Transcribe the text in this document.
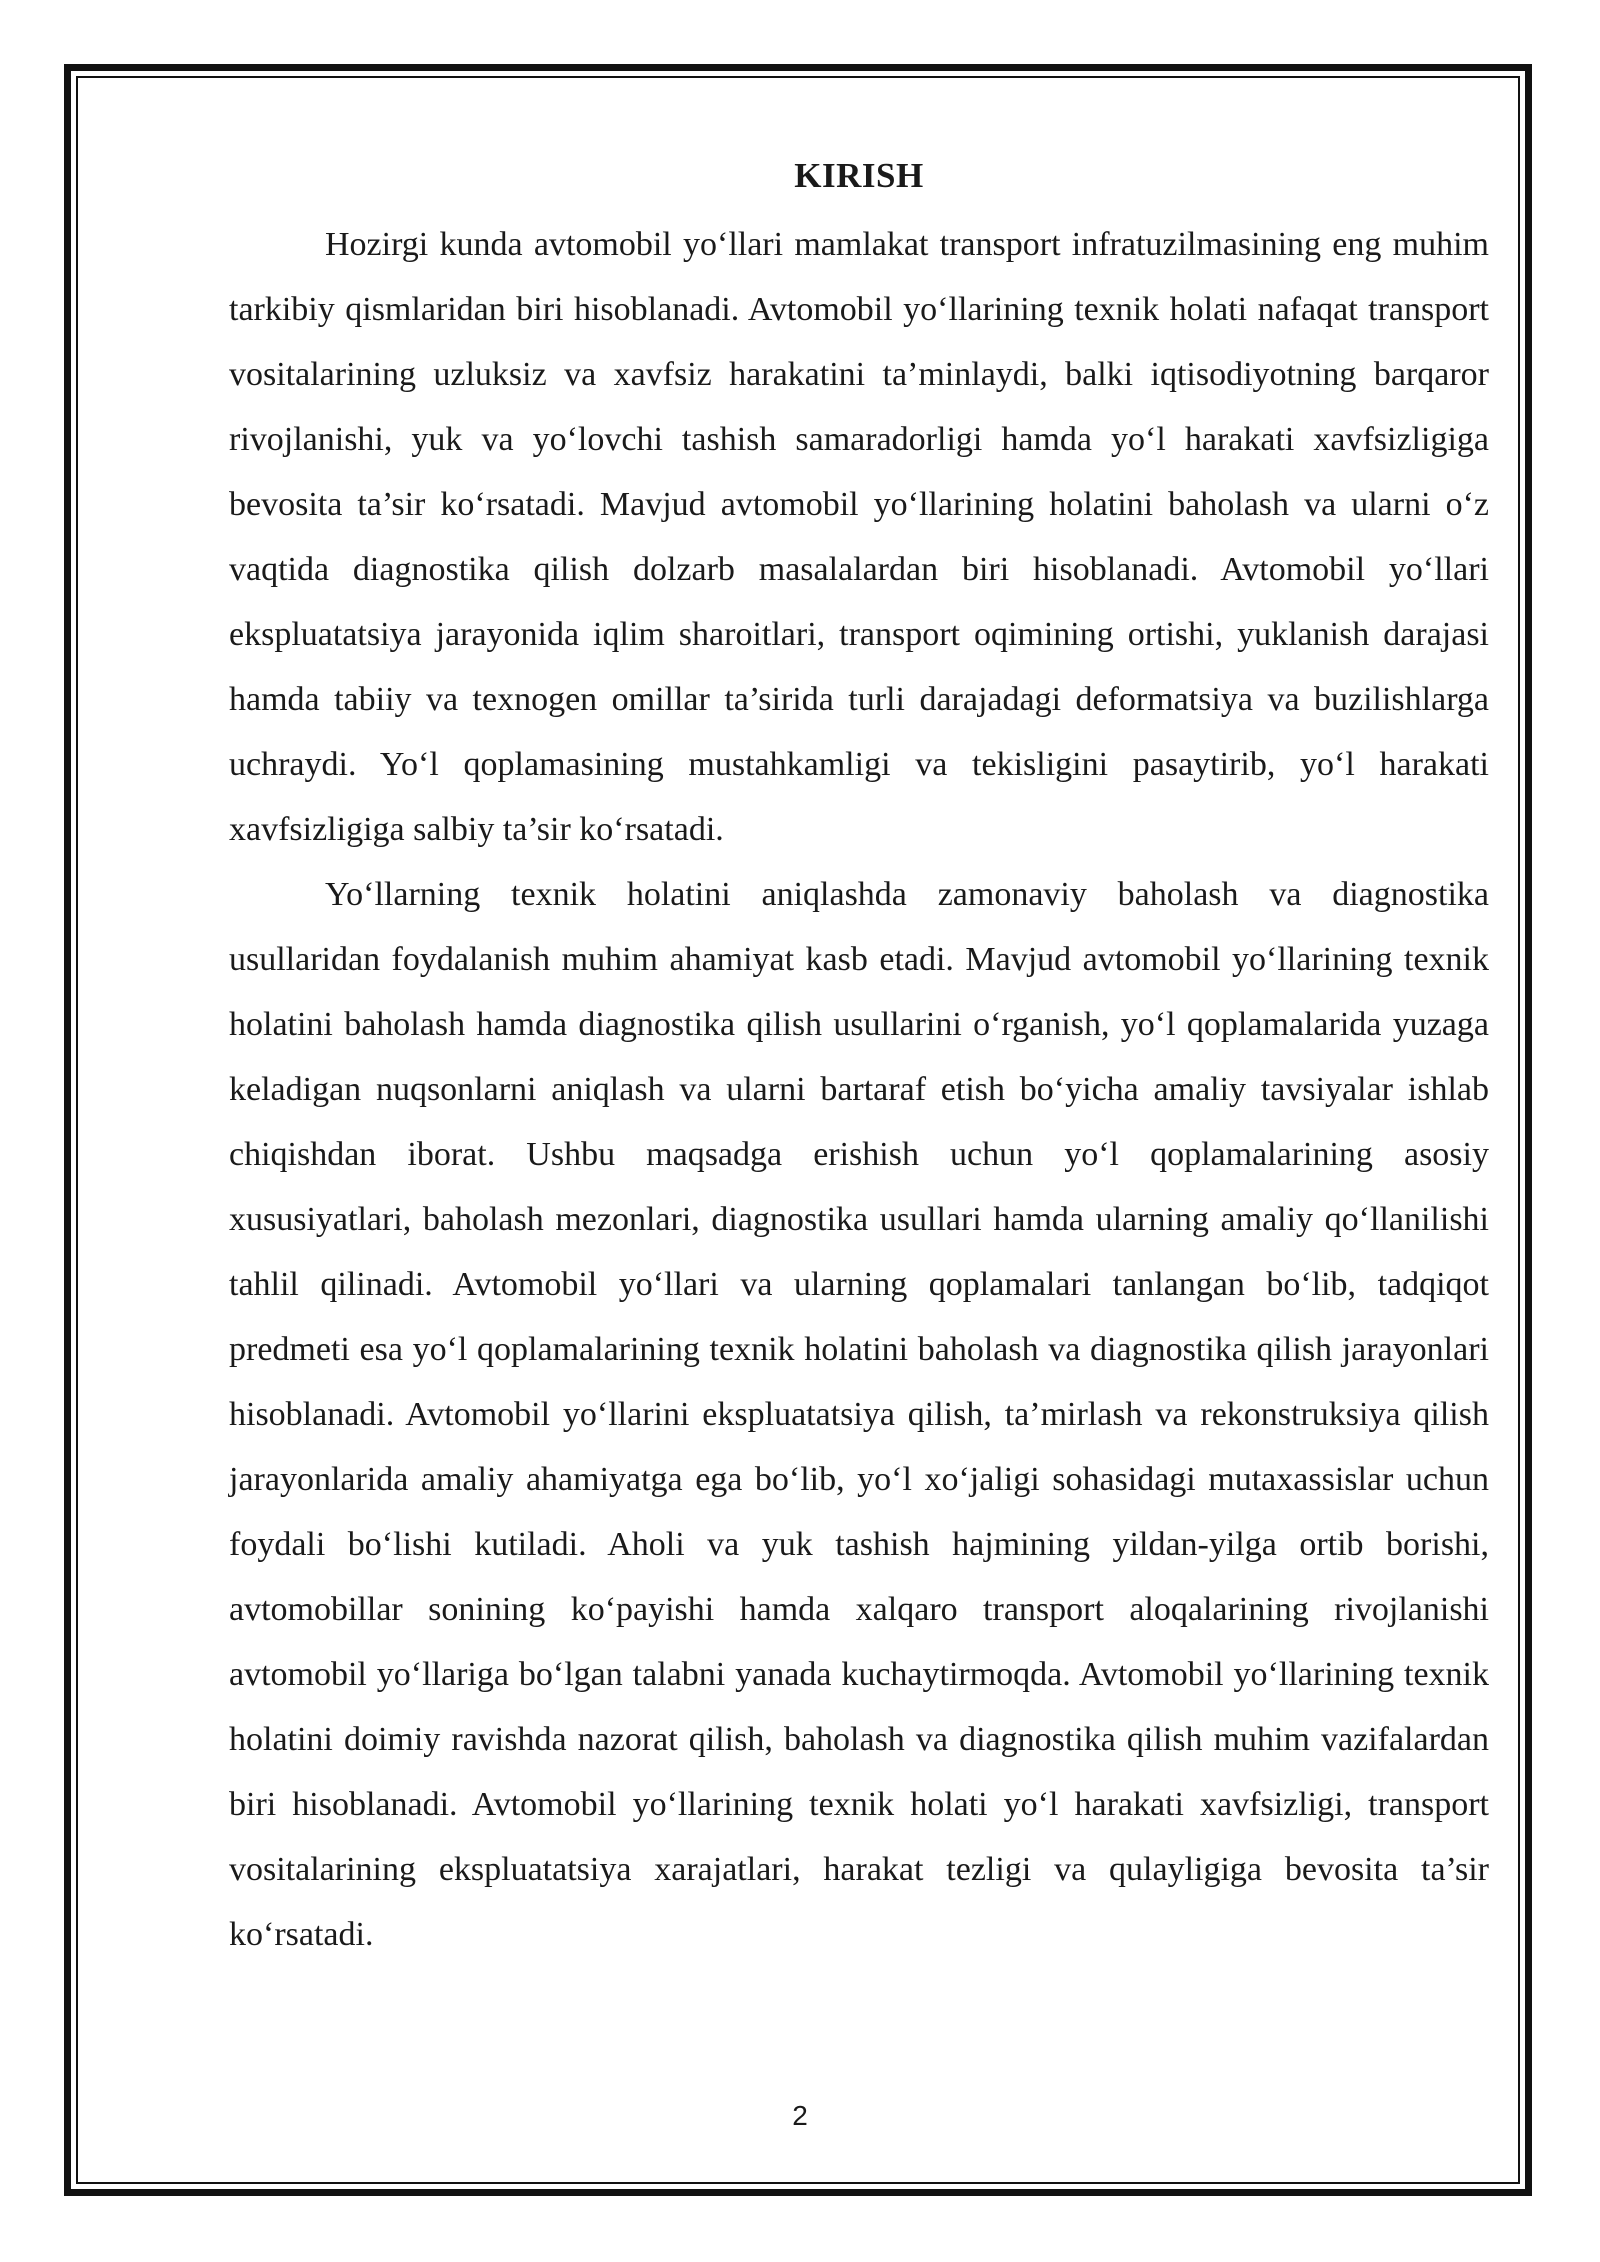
KIRISH

Hozirgi kunda avtomobil yo‘llari mamlakat transport infratuzilmasining eng muhim tarkibiy qismlaridan biri hisoblanadi. Avtomobil yo‘llarining texnik holati nafaqat transport vositalarining uzluksiz va xavfsiz harakatini ta’minlaydi, balki iqtisodiyotning barqaror rivojlanishi, yuk va yo‘lovchi tashish samaradorligi hamda yo‘l harakati xavfsizligiga bevosita ta’sir ko‘rsatadi. Mavjud avtomobil yo‘llarining holatini baholash va ularni o‘z vaqtida diagnostika qilish dolzarb masalalardan biri hisoblanadi. Avtomobil yo‘llari ekspluatatsiya jarayonida iqlim sharoitlari, transport oqimining ortishi, yuklanish darajasi hamda tabiiy va texnogen omillar ta’sirida turli darajadagi deformatsiya va buzilishlarga uchraydi. Yo‘l qoplamasining mustahkamligi va tekisligini pasaytirib, yo‘l harakati xavfsizligiga salbiy ta’sir ko‘rsatadi.

Yo‘llarning texnik holatini aniqlashda zamonaviy baholash va diagnostika usullaridan foydalanish muhim ahamiyat kasb etadi. Mavjud avtomobil yo‘llarining texnik holatini baholash hamda diagnostika qilish usullarini o‘rganish, yo‘l qoplamalarida yuzaga keladigan nuqsonlarni aniqlash va ularni bartaraf etish bo‘yicha amaliy tavsiyalar ishlab chiqishdan iborat. Ushbu maqsadga erishish uchun yo‘l qoplamalarining asosiy xususiyatlari, baholash mezonlari, diagnostika usullari hamda ularning amaliy qo‘llanilishi tahlil qilinadi. Avtomobil yo‘llari va ularning qoplamalari tanlangan bo‘lib, tadqiqot predmeti esa yo‘l qoplamalarining texnik holatini baholash va diagnostika qilish jarayonlari hisoblanadi. Avtomobil yo‘llarini ekspluatatsiya qilish, ta’mirlash va rekonstruksiya qilish jarayonlarida amaliy ahamiyatga ega bo‘lib, yo‘l xo‘jaligi sohasidagi mutaxassislar uchun foydali bo‘lishi kutiladi. Aholi va yuk tashish hajmining yildan-yilga ortib borishi, avtomobillar sonining ko‘payishi hamda xalqaro transport aloqalarining rivojlanishi avtomobil yo‘llariga bo‘lgan talabni yanada kuchaytirmoqda. Avtomobil yo‘llarining texnik holatini doimiy ravishda nazorat qilish, baholash va diagnostika qilish muhim vazifalardan biri hisoblanadi. Avtomobil yo‘llarining texnik holati yo‘l harakati xavfsizligi, transport vositalarining ekspluatatsiya xarajatlari, harakat tezligi va qulayligiga bevosita ta’sir ko‘rsatadi.

2
